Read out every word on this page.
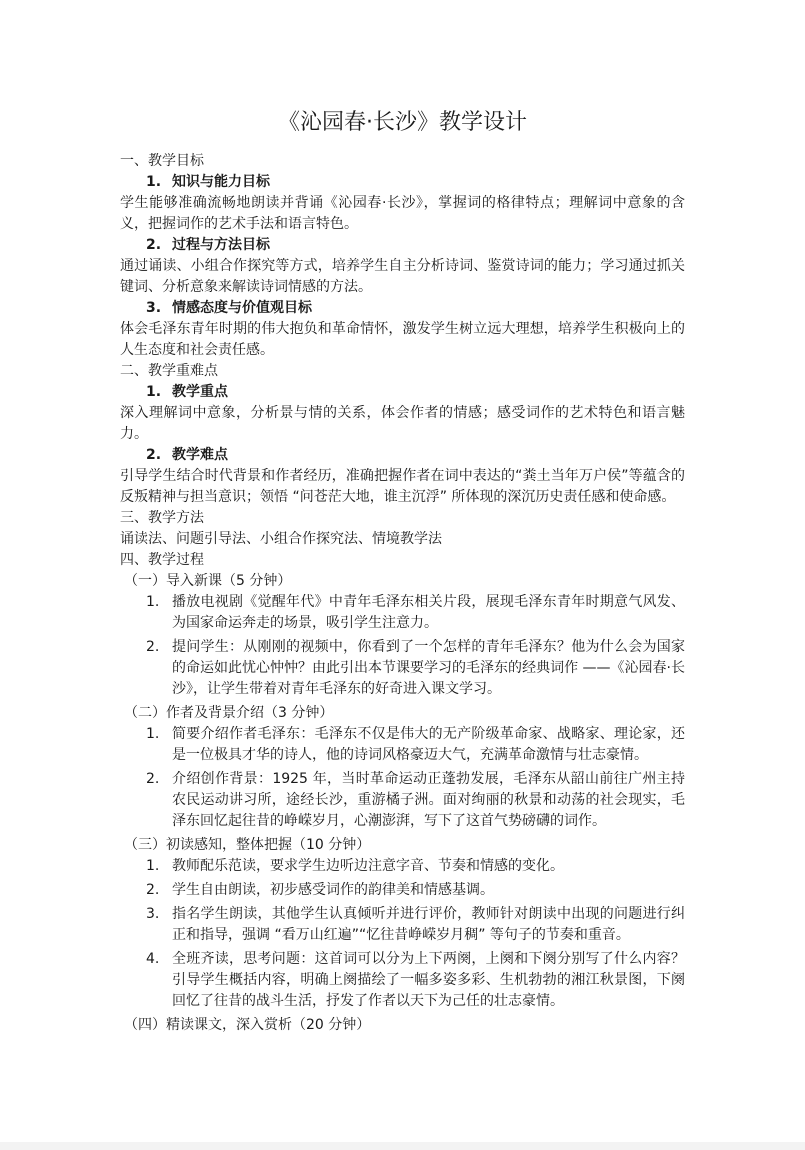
《沁园春·长沙》教学设计

一、教学目标

1. 知识与能力目标

学生能够准确流畅地朗读并背诵《沁园春·长沙》，掌握词的格律特点；理解词中意象的含义，把握词作的艺术手法和语言特色。

2. 过程与方法目标

通过诵读、小组合作探究等方式，培养学生自主分析诗词、鉴赏诗词的能力；学习通过抓关键词、分析意象来解读诗词情感的方法。

3. 情感态度与价值观目标

体会毛泽东青年时期的伟大抱负和革命情怀，激发学生树立远大理想，培养学生积极向上的人生态度和社会责任感。

二、教学重难点

1. 教学重点

深入理解词中意象，分析景与情的关系，体会作者的情感；感受词作的艺术特色和语言魅力。

2. 教学难点

引导学生结合时代背景和作者经历，准确把握作者在词中表达的“粪土当年万户侯”等蕴含的反叛精神与担当意识；领悟 “问苍茫大地，谁主沉浮” 所体现的深沉历史责任感和使命感。

三、教学方法

诵读法、问题引导法、小组合作探究法、情境教学法

四、教学过程

（一）导入新课（5 分钟）

1. 播放电视剧《觉醒年代》中青年毛泽东相关片段，展现毛泽东青年时期意气风发、为国家命运奔走的场景，吸引学生注意力。
2. 提问学生：从刚刚的视频中，你看到了一个怎样的青年毛泽东？他为什么会为国家的命运如此忧心忡忡？由此引出本节课要学习的毛泽东的经典词作 ——《沁园春·长沙》，让学生带着对青年毛泽东的好奇进入课文学习。

（二）作者及背景介绍（3 分钟）

1. 简要介绍作者毛泽东：毛泽东不仅是伟大的无产阶级革命家、战略家、理论家，还是一位极具才华的诗人，他的诗词风格豪迈大气，充满革命激情与壮志豪情。
2. 介绍创作背景：1925 年，当时革命运动正蓬勃发展，毛泽东从韶山前往广州主持农民运动讲习所，途经长沙，重游橘子洲。面对绚丽的秋景和动荡的社会现实，毛泽东回忆起往昔的峥嵘岁月，心潮澎湃，写下了这首气势磅礴的词作。

（三）初读感知，整体把握（10 分钟）

1. 教师配乐范读，要求学生边听边注意字音、节奏和情感的变化。
2. 学生自由朗读，初步感受词作的韵律美和情感基调。
3. 指名学生朗读，其他学生认真倾听并进行评价，教师针对朗读中出现的问题进行纠正和指导，强调 “看万山红遍”“忆往昔峥嵘岁月稠” 等句子的节奏和重音。
4. 全班齐读，思考问题：这首词可以分为上下两阕，上阕和下阕分别写了什么内容？引导学生概括内容，明确上阕描绘了一幅多姿多彩、生机勃勃的湘江秋景图，下阕回忆了往昔的战斗生活，抒发了作者以天下为己任的壮志豪情。

（四）精读课文，深入赏析（20 分钟）
